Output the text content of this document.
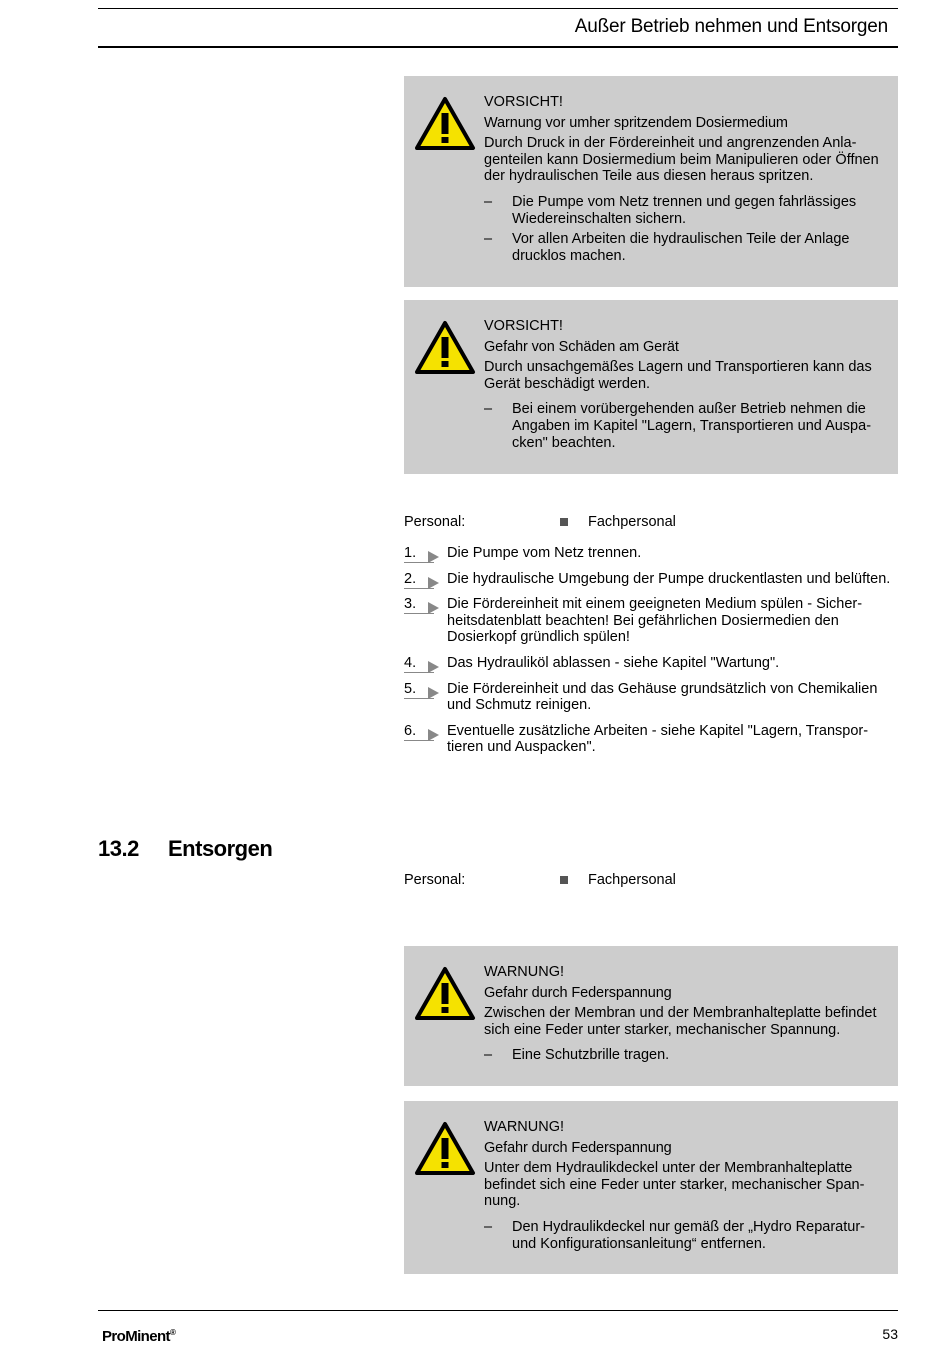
Außer Betrieb nehmen und Entsorgen
VORSICHT!
Warnung vor umher spritzendem Dosiermedium
Durch Druck in der Fördereinheit und angrenzenden Anlagenteilen kann Dosiermedium beim Manipulieren oder Öffnen der hydraulischen Teile aus diesen heraus spritzen.
– Die Pumpe vom Netz trennen und gegen fahrlässiges Wiedereinschalten sichern.
– Vor allen Arbeiten die hydraulischen Teile der Anlage drucklos machen.
VORSICHT!
Gefahr von Schäden am Gerät
Durch unsachgemäßes Lagern und Transportieren kann das Gerät beschädigt werden.
– Bei einem vorübergehenden außer Betrieb nehmen die Angaben im Kapitel "Lagern, Transportieren und Auspacken" beachten.
Personal:	Fachpersonal
1.	Die Pumpe vom Netz trennen.
2.	Die hydraulische Umgebung der Pumpe druckentlasten und belüften.
3.	Die Fördereinheit mit einem geeigneten Medium spülen - Sicherheitsdatenblatt beachten! Bei gefährlichen Dosiermedien den Dosierkopf gründlich spülen!
4.	Das Hydrauliköl ablassen - siehe Kapitel "Wartung".
5.	Die Fördereinheit und das Gehäuse grundsätzlich von Chemikalien und Schmutz reinigen.
6.	Eventuelle zusätzliche Arbeiten - siehe Kapitel "Lagern, Transportieren und Auspacken".
13.2 Entsorgen
Personal:	Fachpersonal
WARNUNG!
Gefahr durch Federspannung
Zwischen der Membran und der Membranhalteplatte befindet sich eine Feder unter starker, mechanischer Spannung.
– Eine Schutzbrille tragen.
WARNUNG!
Gefahr durch Federspannung
Unter dem Hydraulikdeckel unter der Membranhalteplatte befindet sich eine Feder unter starker, mechanischer Spannung.
– Den Hydraulikdeckel nur gemäß der „Hydro Reparatur- und Konfigurationsanleitung“ entfernen.
ProMinent®	53
